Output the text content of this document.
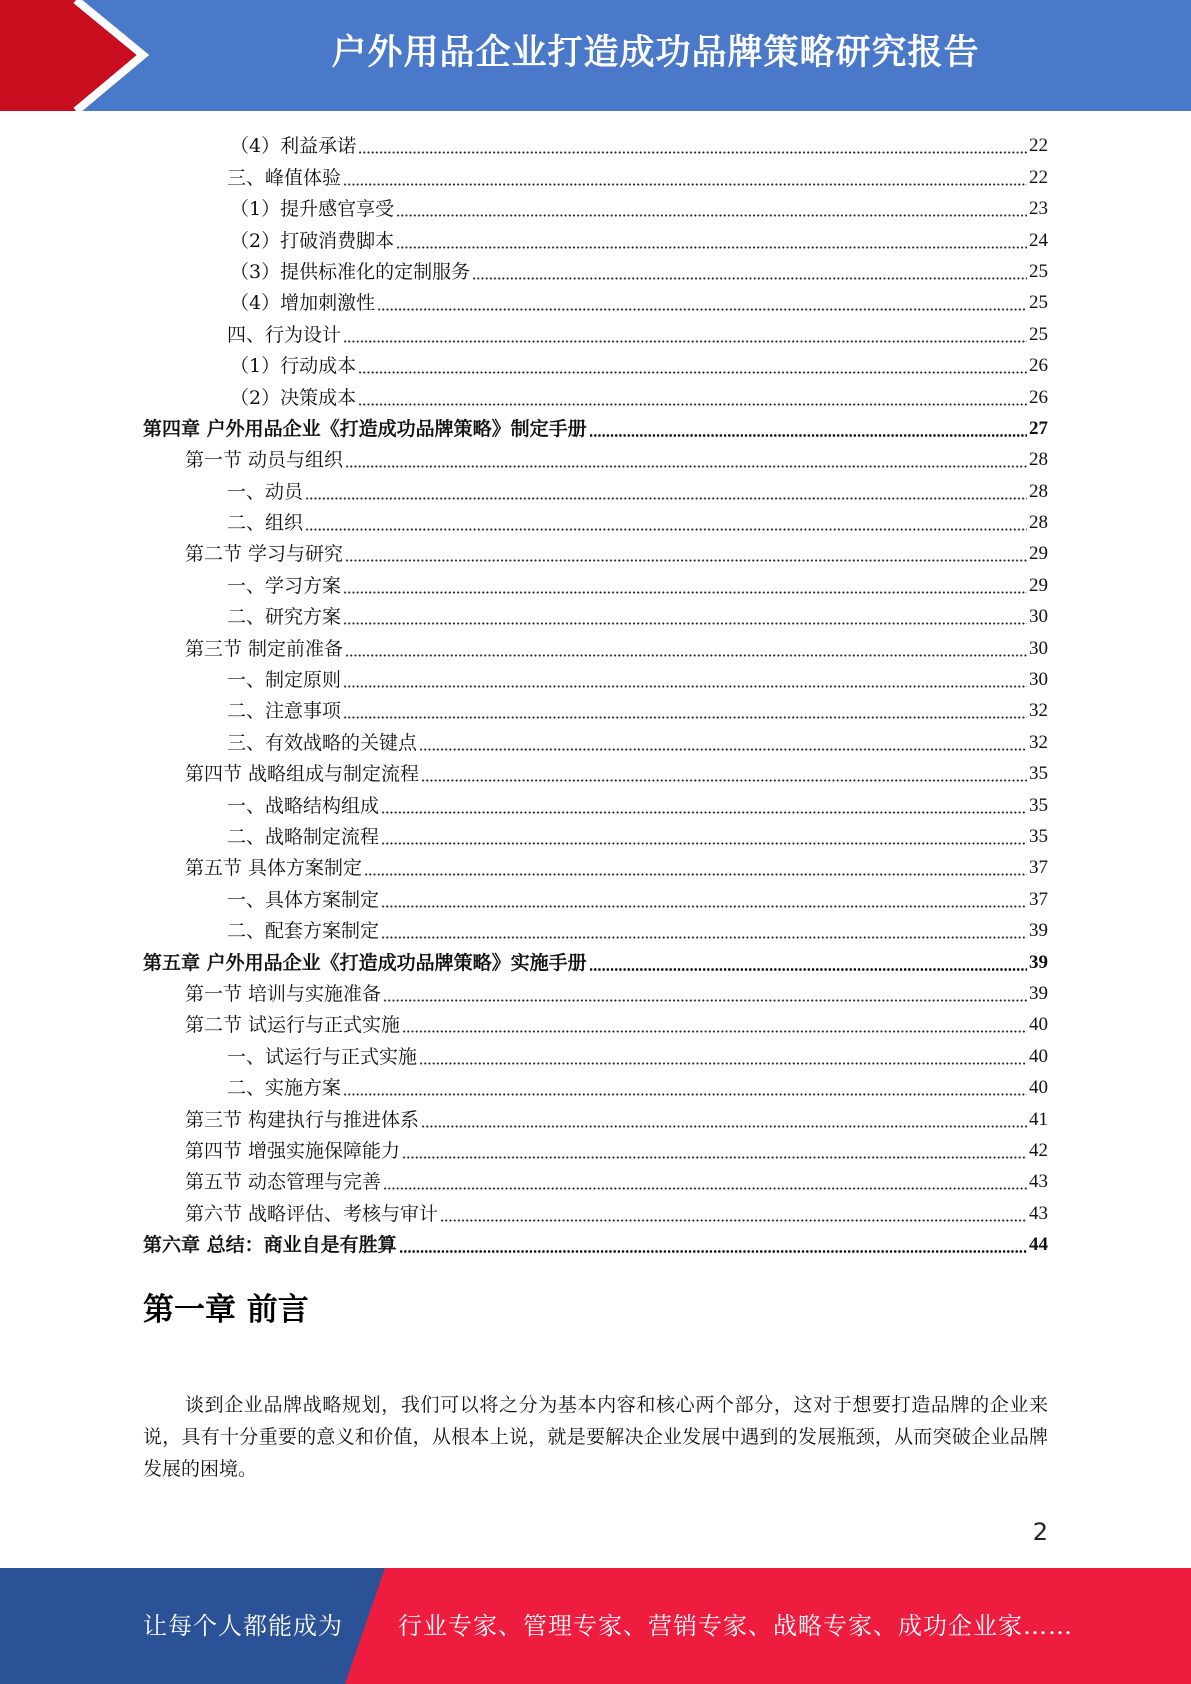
户外用品企业打造成功品牌策略研究报告
（4）利益承诺	22
三、峰值体验	22
（1）提升感官享受	23
（2）打破消费脚本	24
（3）提供标准化的定制服务	25
（4）增加刺激性	25
四、行为设计	25
（1）行动成本	26
（2）决策成本	26
第四章 户外用品企业《打造成功品牌策略》制定手册	27
第一节 动员与组织	28
一、动员	28
二、组织	28
第二节 学习与研究	29
一、学习方案	29
二、研究方案	30
第三节 制定前准备	30
一、制定原则	30
二、注意事项	32
三、有效战略的关键点	32
第四节 战略组成与制定流程	35
一、战略结构组成	35
二、战略制定流程	35
第五节 具体方案制定	37
一、具体方案制定	37
二、配套方案制定	39
第五章 户外用品企业《打造成功品牌策略》实施手册	39
第一节 培训与实施准备	39
第二节 试运行与正式实施	40
一、试运行与正式实施	40
二、实施方案	40
第三节 构建执行与推进体系	41
第四节 增强实施保障能力	42
第五节 动态管理与完善	43
第六节 战略评估、考核与审计	43
第六章 总结：商业自是有胜算	44
第一章 前言
谈到企业品牌战略规划，我们可以将之分为基本内容和核心两个部分，这对于想要打造品牌的企业来说，具有十分重要的意义和价值，从根本上说，就是要解决企业发展中遇到的发展瓶颈，从而突破企业品牌发展的困境。
2
让每个人都能成为 行业专家、管理专家、营销专家、战略专家、成功企业家……
